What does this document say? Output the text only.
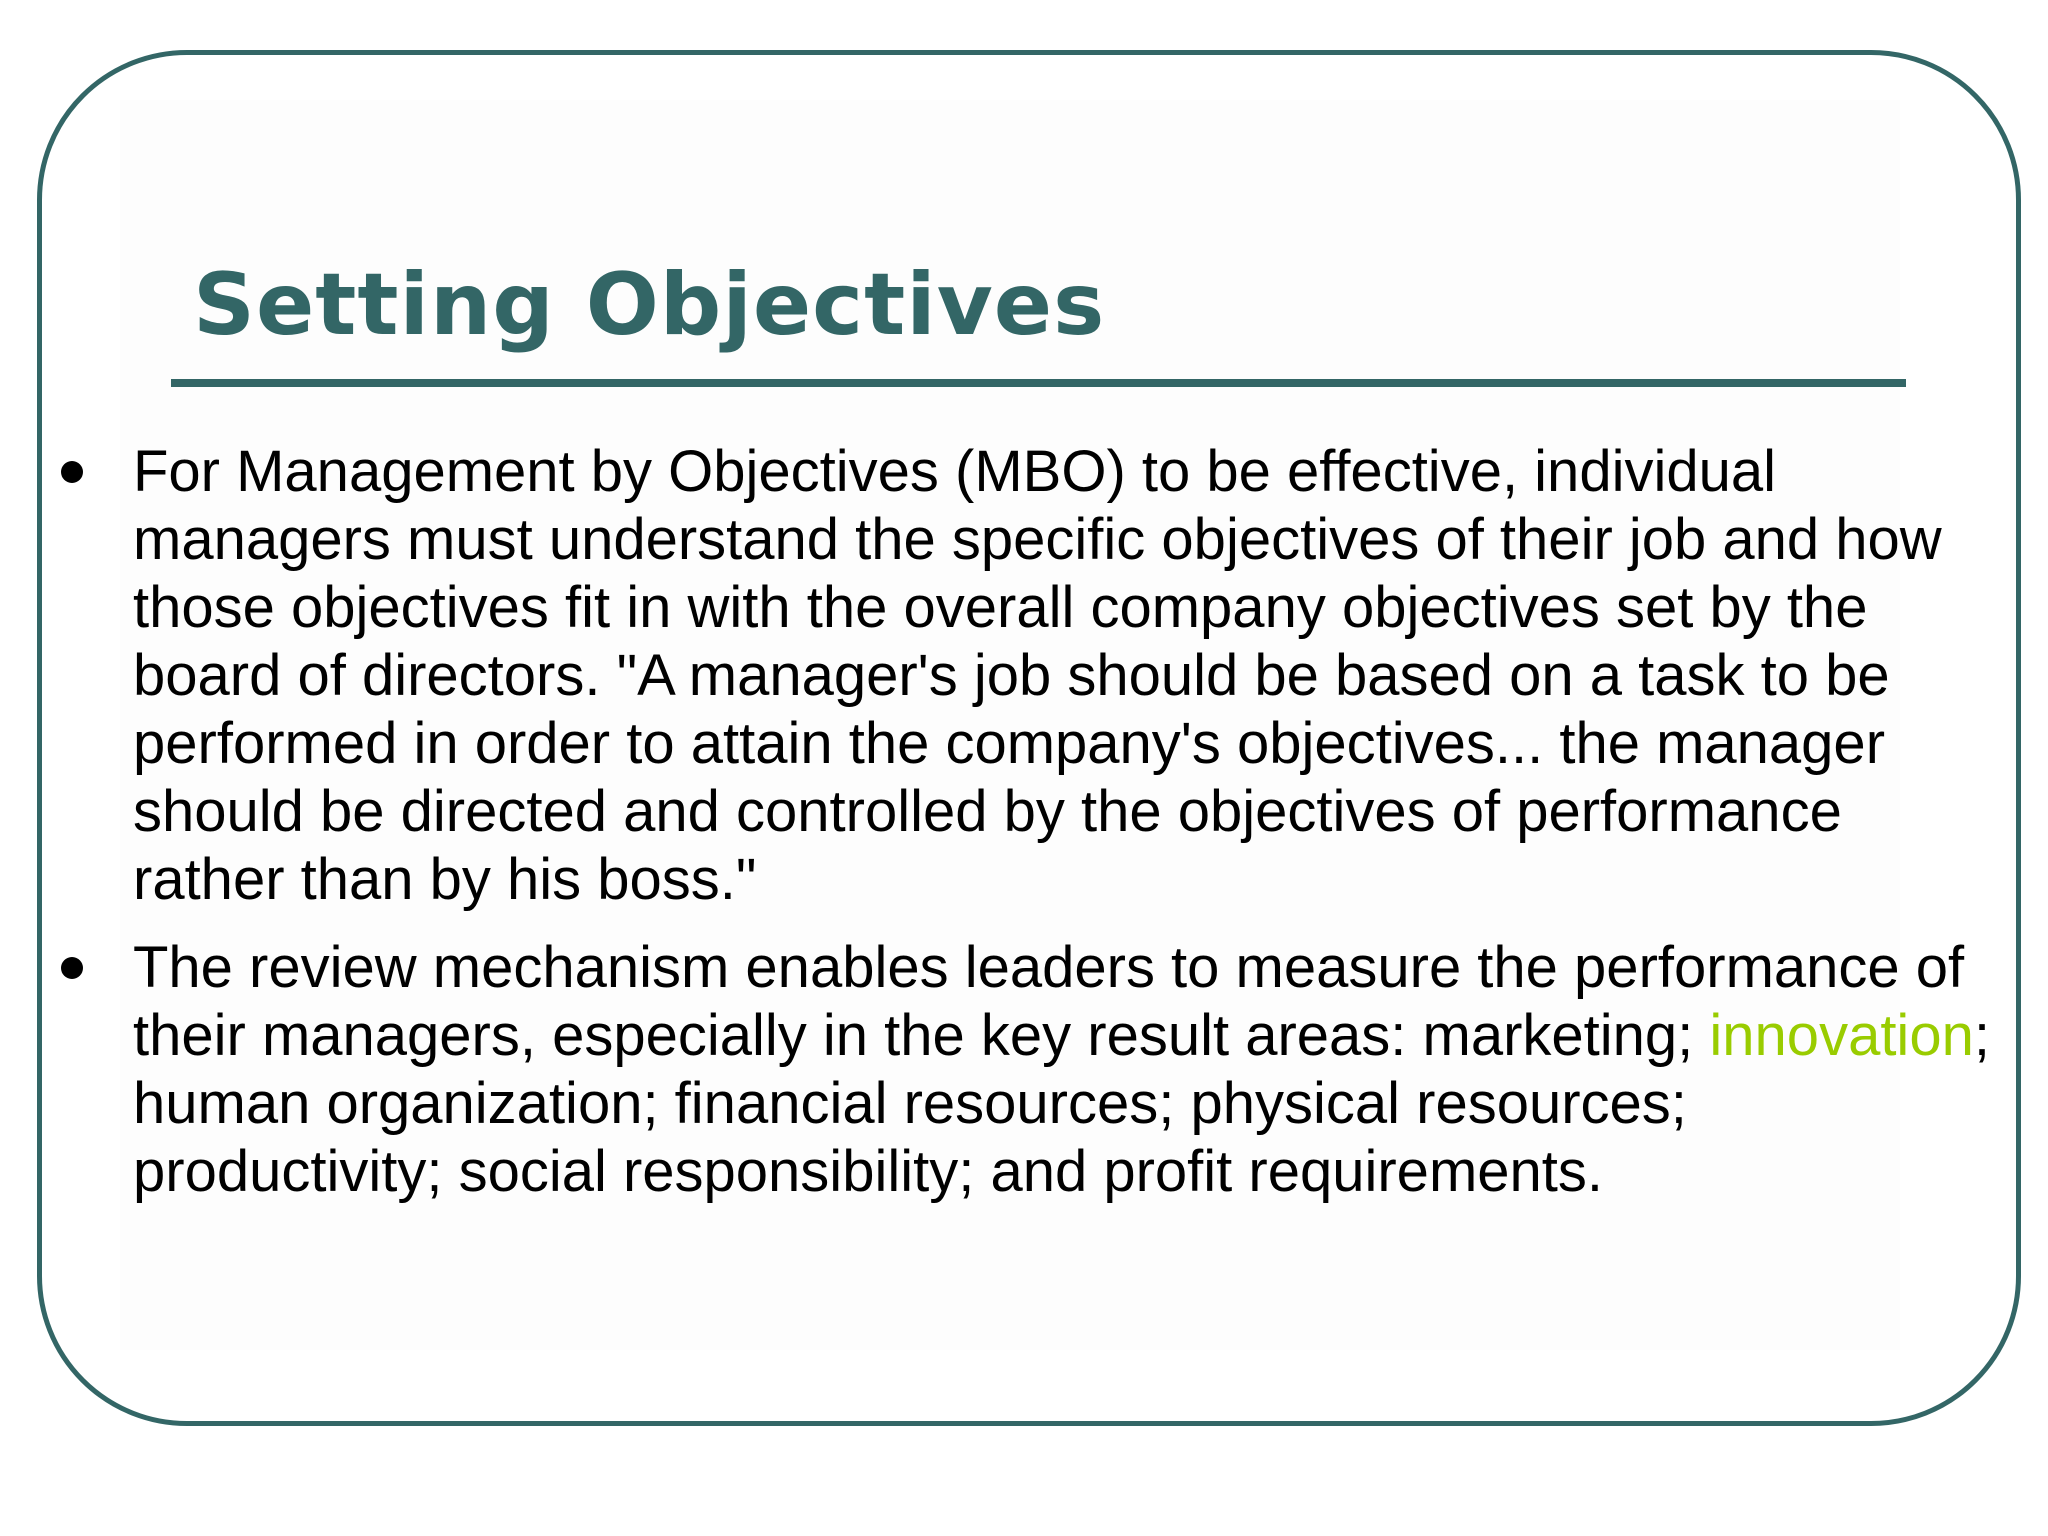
Setting Objectives
For Management by Objectives (MBO) to be effective, individual managers must understand the specific objectives of their job and how those objectives fit in with the overall company objectives set by the board of directors. "A manager's job should be based on a task to be performed in order to attain the company's objectives... the manager should be directed and controlled by the objectives of performance rather than by his boss."
The review mechanism enables leaders to measure the performance of their managers, especially in the key result areas: marketing; innovation; human organization; financial resources; physical resources; productivity; social responsibility; and profit requirements.
